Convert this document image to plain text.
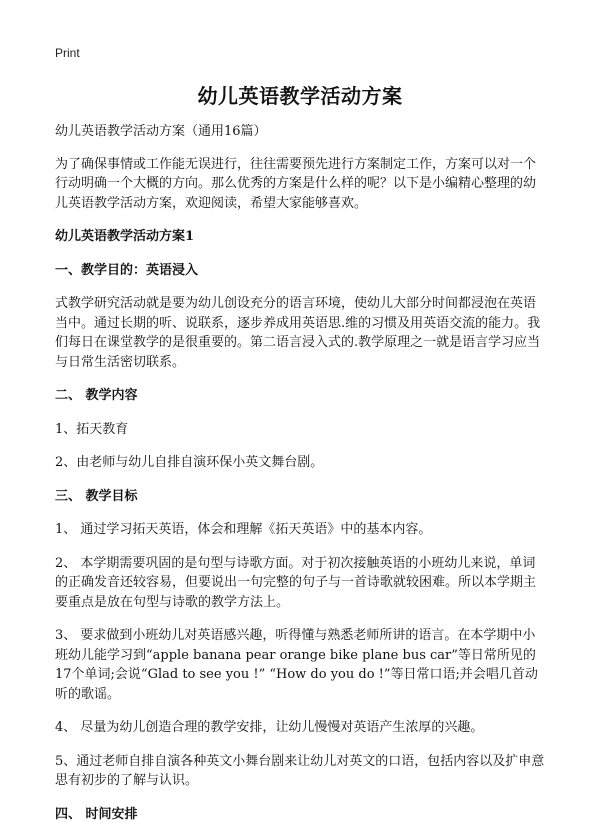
Print
幼儿英语教学活动方案

幼儿英语教学活动方案（通用16篇）

为了确保事情或工作能无误进行，往往需要预先进行方案制定工作，方案可以对一个行动明确一个大概的方向。那么优秀的方案是什么样的呢？以下是小编精心整理的幼儿英语教学活动方案，欢迎阅读，希望大家能够喜欢。

幼儿英语教学活动方案1

一、教学目的：英语浸入

式教学研究活动就是要为幼儿创设充分的语言环境，使幼儿大部分时间都浸泡在英语当中。通过长期的听、说联系，逐步养成用英语思.维的习惯及用英语交流的能力。我们每日在课堂教学的是很重要的。第二语言浸入式的.教学原理之一就是语言学习应当与日常生活密切联系。

二、 教学内容

1、拓天教育

2、由老师与幼儿自排自演环保小英文舞台剧。

三、 教学目标

1、 通过学习拓天英语，体会和理解《拓天英语》中的基本内容。

2、 本学期需要巩固的是句型与诗歌方面。对于初次接触英语的小班幼儿来说，单词的正确发音还较容易，但要说出一句完整的句子与一首诗歌就较困难。所以本学期主要重点是放在句型与诗歌的教学方法上。

3、 要求做到小班幼儿对英语感兴趣，听得懂与熟悉老师所讲的语言。在本学期中小班幼儿能学习到“apple banana pear orange bike plane bus car”等日常所见的17个单词;会说“Glad to see you !” “How do you do !”等日常口语;并会唱几首动听的歌谣。

4、 尽量为幼儿创造合理的教学安排，让幼儿慢慢对英语产生浓厚的兴趣。

5、通过老师自排自演各种英文小舞台剧来让幼儿对英文的口语，包括内容以及扩申意思有初步的了解与认识。

四、 时间安排
